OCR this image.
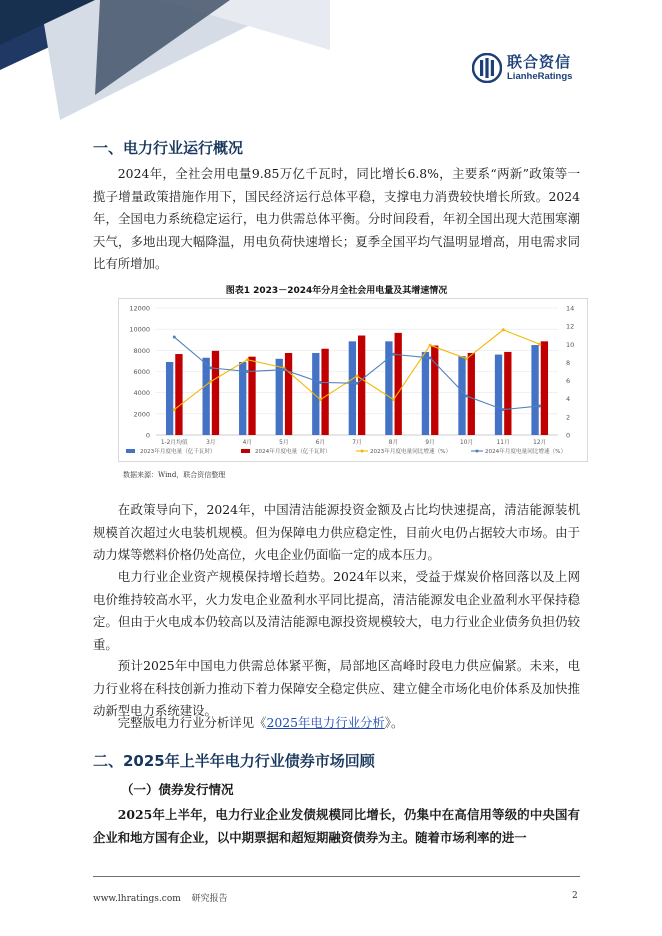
联合资信
LianheRatings
一、电力行业运行概况

2024年，全社会用电量9.85万亿千瓦时，同比增长6.8%，主要系“两新”政策等一揽子增量政策措施作用下，国民经济运行总体平稳，支撑电力消费较快增长所致。2024年，全国电力系统稳定运行，电力供需总体平衡。分时间段看，年初全国出现大范围寒潮天气，多地出现大幅降温，用电负荷快速增长；夏季全国平均气温明显增高，用电需求同比有所增加。

图表1 2023－2024年分月全社会用电量及其增速情况
0
2000
4000
6000
8000
10000
12000
0
2
4
6
8
10
12
14
1-2月均值	3月	4月	5月	6月	7月	8月	9月	10月	11月	12月
2023年月度电量（亿千瓦时）	2024年月度电量（亿千瓦时）	2023年月度电量同比增速（%）	2024年月度电量同比增速（%）
数据来源：Wind，联合资信整理

在政策导向下，2024年，中国清洁能源投资金额及占比均快速提高，清洁能源装机规模首次超过火电装机规模。但为保障电力供应稳定性，目前火电仍占据较大市场。由于动力煤等燃料价格仍处高位，火电企业仍面临一定的成本压力。

电力行业企业资产规模保持增长趋势。2024年以来，受益于煤炭价格回落以及上网电价维持较高水平，火力发电企业盈利水平同比提高，清洁能源发电企业盈利水平保持稳定。但由于火电成本仍较高以及清洁能源电源投资规模较大，电力行业企业债务负担仍较重。

预计2025年中国电力供需总体紧平衡，局部地区高峰时段电力供应偏紧。未来，电力行业将在科技创新力推动下着力保障安全稳定供应、建立健全市场化电价体系及加快推动新型电力系统建设。

完整版电力行业分析详见《2025年电力行业分析》。

二、2025年上半年电力行业债券市场回顾
（一）债券发行情况

2025年上半年，电力行业企业发债规模同比增长，仍集中在高信用等级的中央国有企业和地方国有企业，以中期票据和超短期融资债券为主。随着市场利率的进一

www.lhratings.com 研究报告	2
